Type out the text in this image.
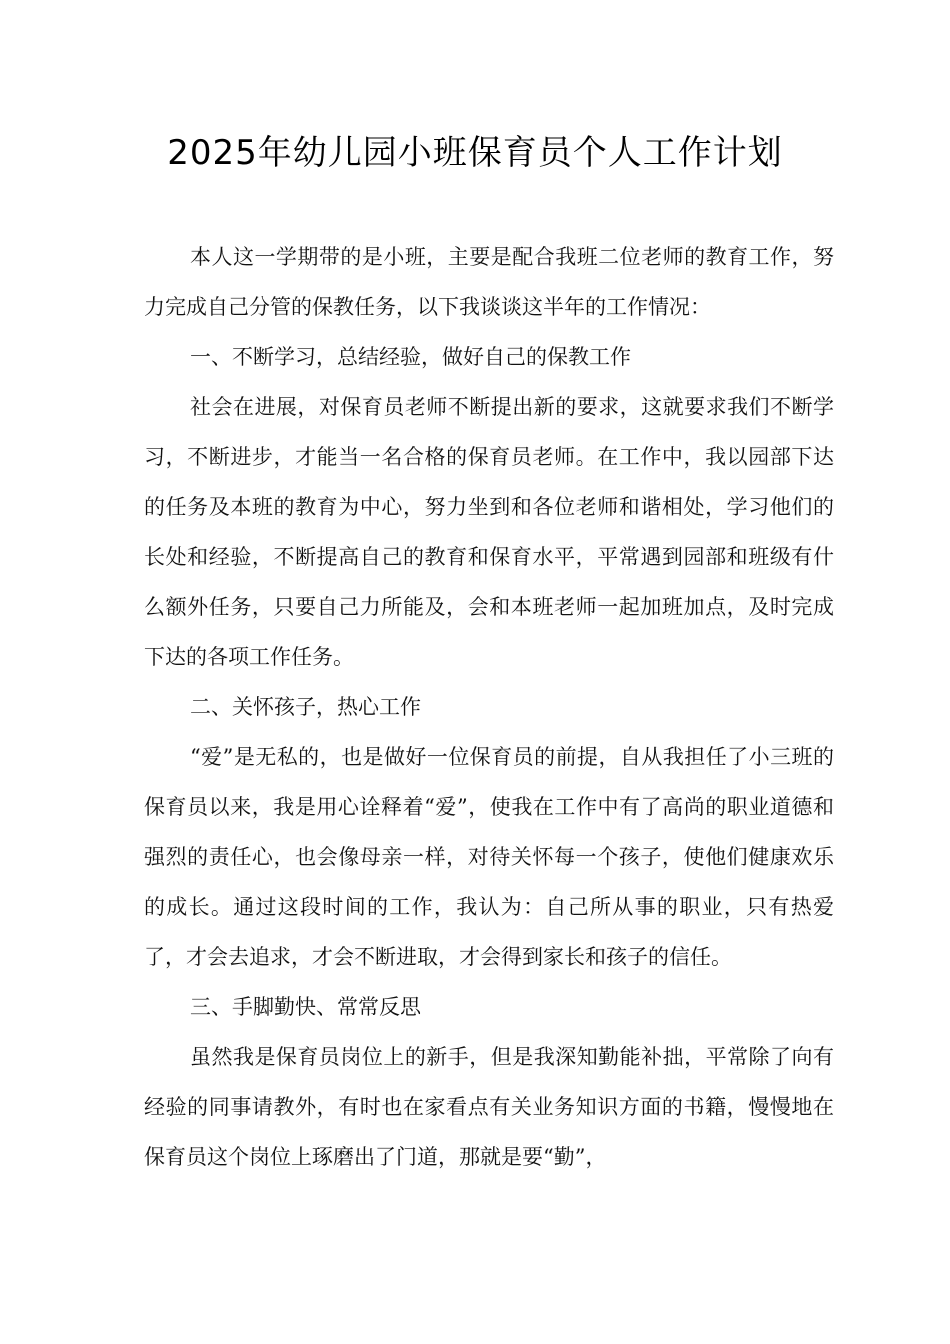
2025年幼儿园小班保育员个人工作计划

本人这一学期带的是小班，主要是配合我班二位老师的教育工作，努力完成自己分管的保教任务，以下我谈谈这半年的工作情况：

一、不断学习，总结经验，做好自己的保教工作

社会在进展，对保育员老师不断提出新的要求，这就要求我们不断学习，不断进步，才能当一名合格的保育员老师。在工作中，我以园部下达的任务及本班的教育为中心，努力坐到和各位老师和谐相处，学习他们的长处和经验，不断提高自己的教育和保育水平，平常遇到园部和班级有什么额外任务，只要自己力所能及，会和本班老师一起加班加点，及时完成下达的各项工作任务。

二、关怀孩子，热心工作

“爱”是无私的，也是做好一位保育员的前提，自从我担任了小三班的保育员以来，我是用心诠释着“爱”，使我在工作中有了高尚的职业道德和强烈的责任心，也会像母亲一样，对待关怀每一个孩子，使他们健康欢乐的成长。通过这段时间的工作，我认为：自己所从事的职业，只有热爱了，才会去追求，才会不断进取，才会得到家长和孩子的信任。

三、手脚勤快、常常反思

虽然我是保育员岗位上的新手，但是我深知勤能补拙，平常除了向有经验的同事请教外，有时也在家看点有关业务知识方面的书籍，慢慢地在保育员这个岗位上琢磨出了门道，那就是要“勤”，
